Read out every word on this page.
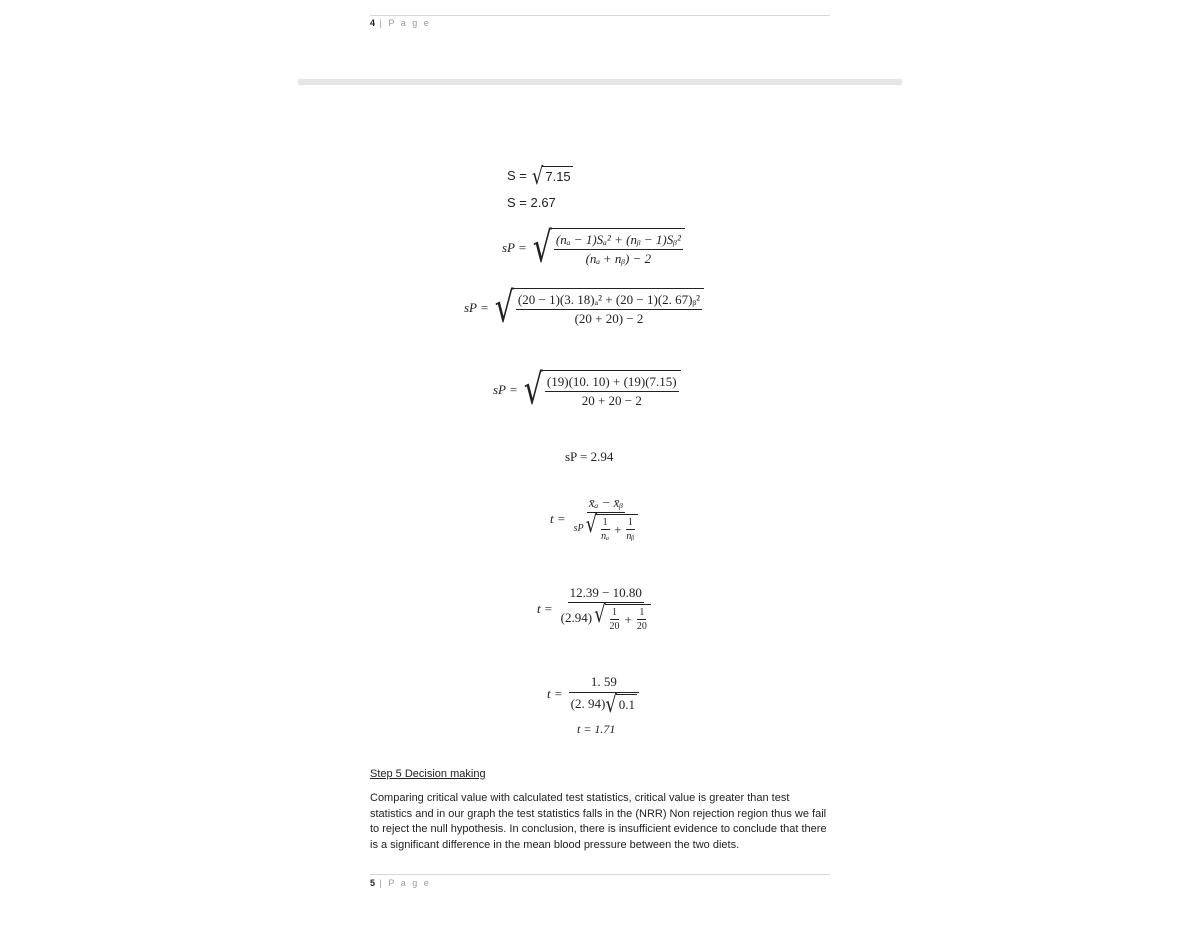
4 | P a g e
S = √ 7.15
S = 2.67
sP = √ $\frac{\text{(nₐ − 1)Sₐ² + (nᵦ − 1)Sᵦ²}}{\text{(nₐ + nᵦ) − 2}}$
sP = √ $\frac{\text{(20 − 1)(3. 18)ₐ² + (20 − 1)(2. 67)ᵦ²}}{(20 + 20) - 2}$
sP = √ $\frac{(19)(10. 10) + (19)(7.15)}{20 + 20 - 2}$
sP = 2.94
t =
x̄ₐ − x̄ᵦ
sP √ $\frac{1}{\text{nₐ}} + \frac{1}{\text{nᵦ}}$
t =
12.39 − 10.80
(2.94) √ $\frac{1}{20} + \frac{1}{20}$
$t = \frac{1. 59}{(2. 94) √ 0.1}$
t = 1.71
Step 5 Decision making
Comparing critical value with calculated test statistics, critical value is greater than test statistics and in our graph the test statistics falls in the (NRR) Non rejection region thus we fail to reject the null hypothesis. In conclusion, there is insufficient evidence to conclude that there is a significant difference in the mean blood pressure between the two diets.
5 | P a g e
